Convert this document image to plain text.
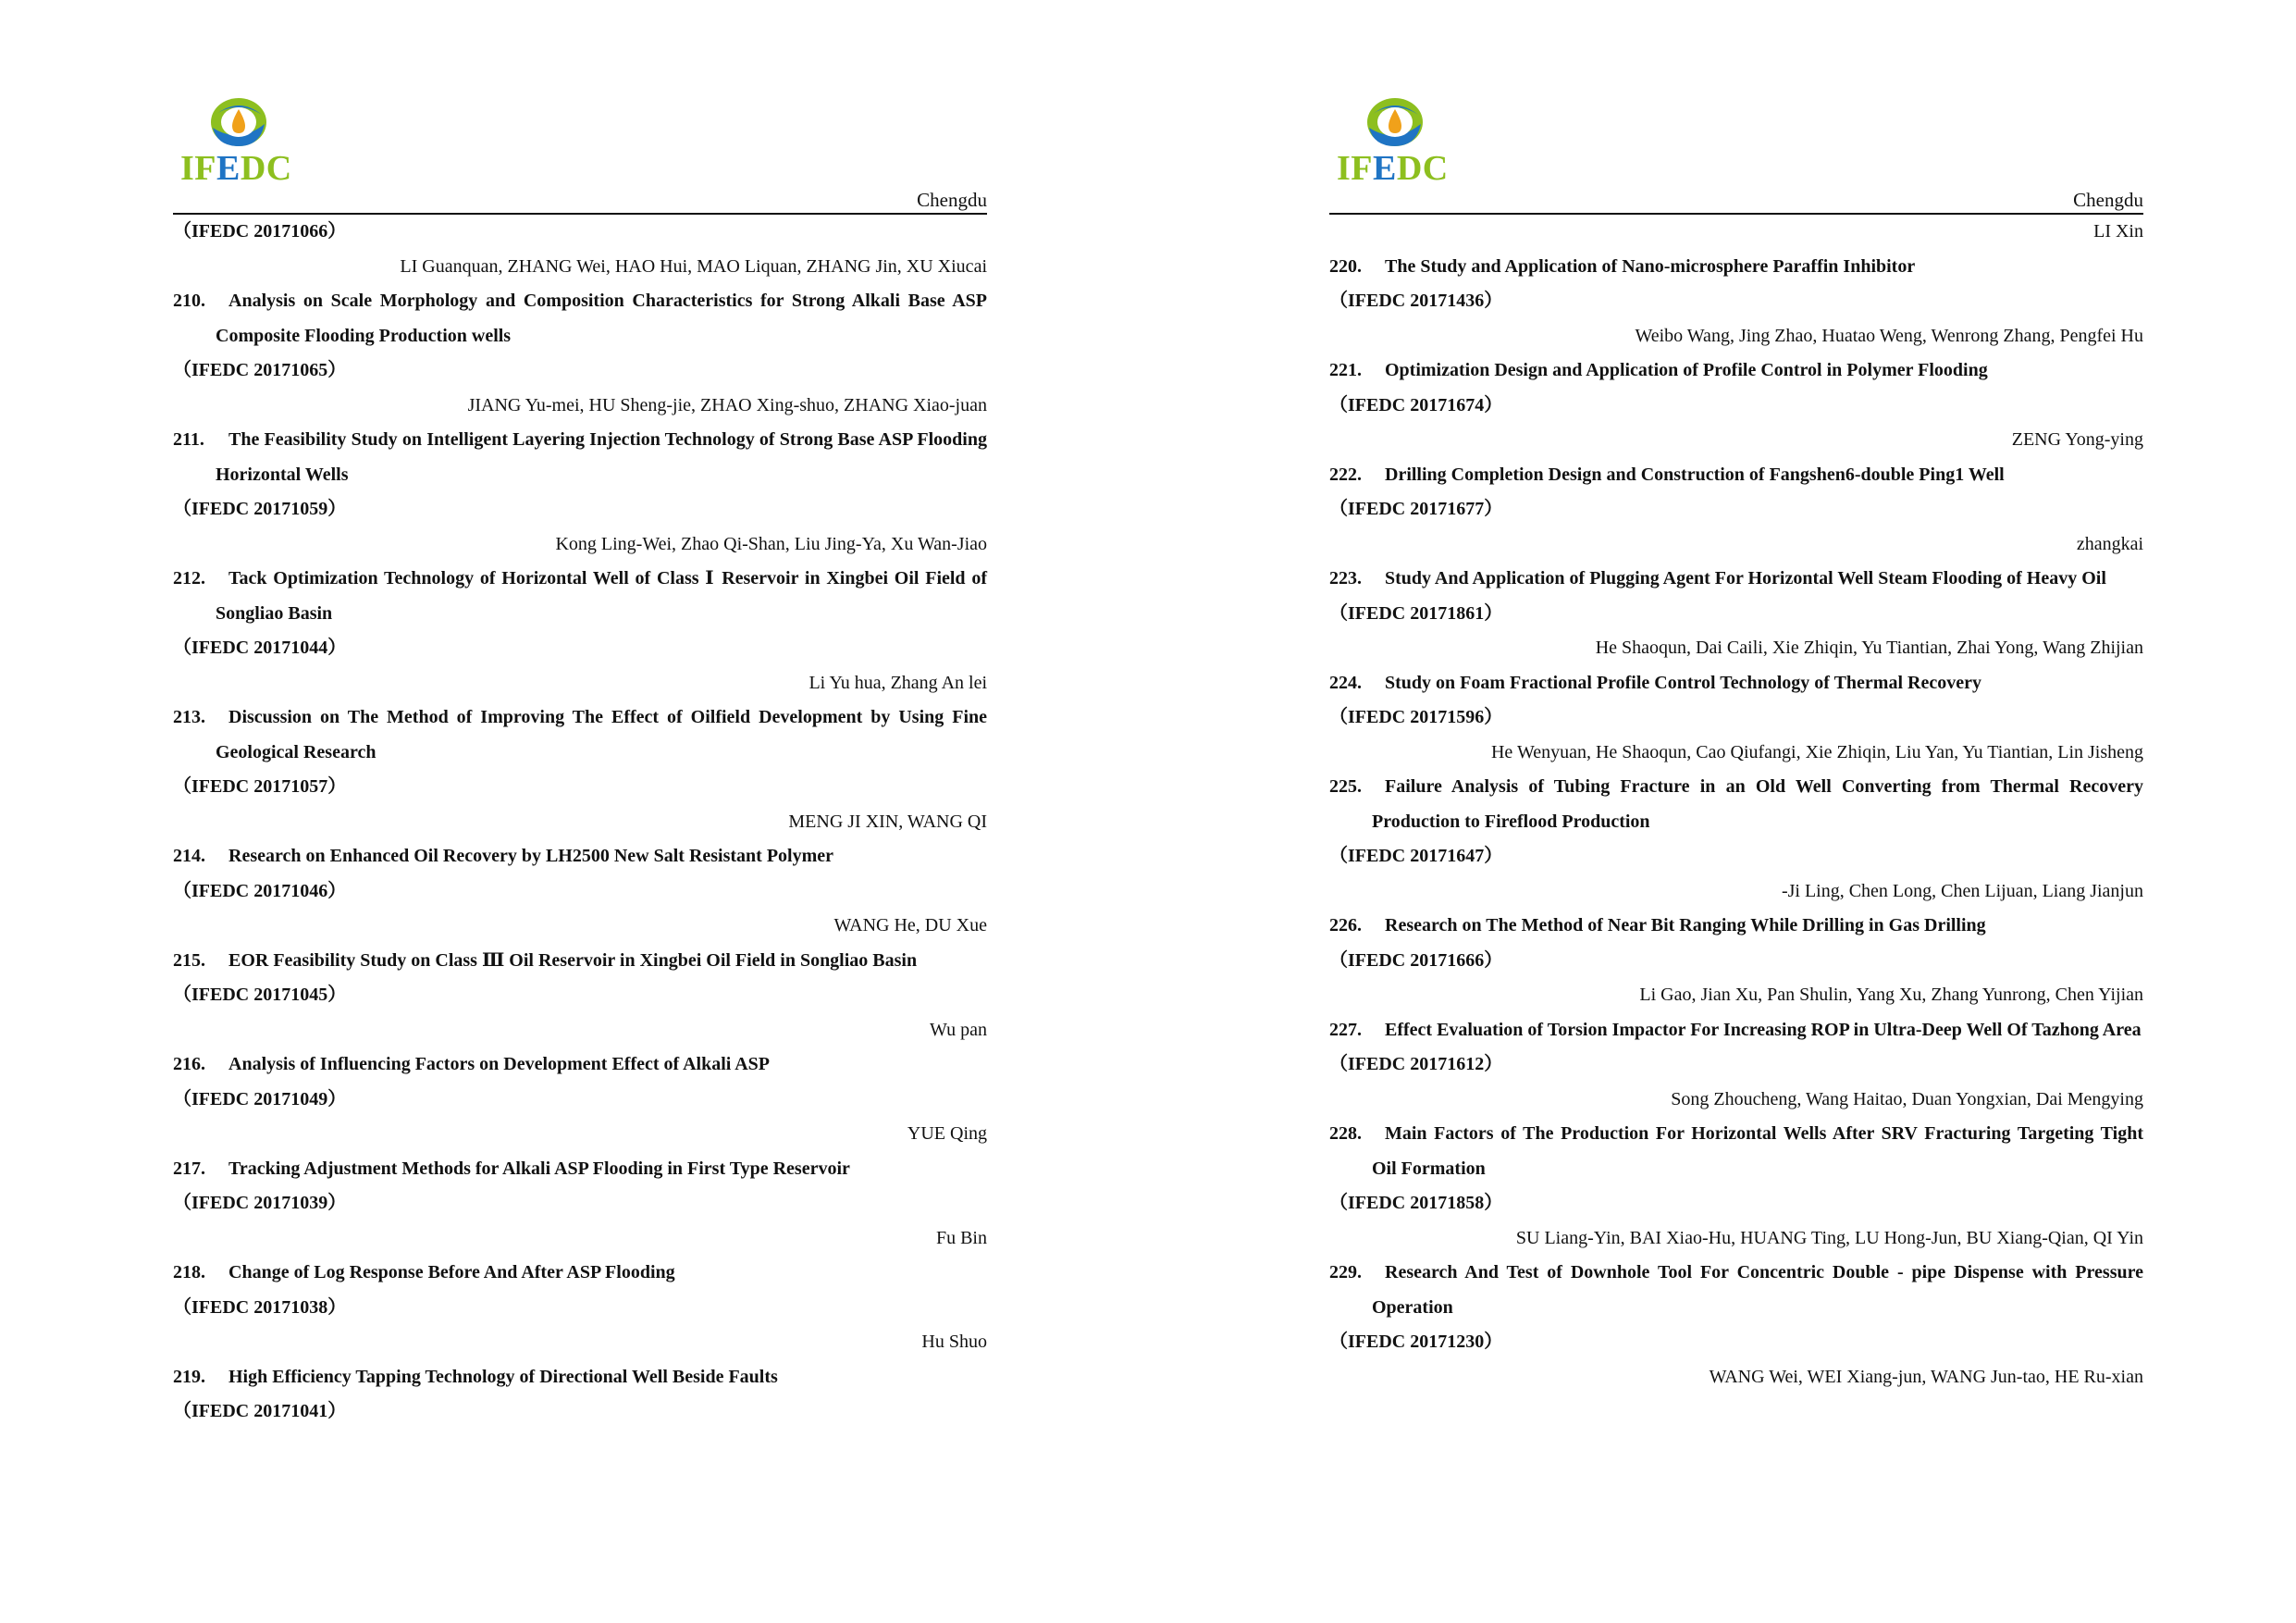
IFEDC
Chengdu
（IFEDC 20171066）
LI Guanquan, ZHANG Wei, HAO Hui, MAO Liquan, ZHANG Jin, XU Xiucai
210. Analysis on Scale Morphology and Composition Characteristics for Strong Alkali Base ASP Composite Flooding Production wells
（IFEDC 20171065）
JIANG Yu-mei, HU Sheng-jie, ZHAO Xing-shuo, ZHANG Xiao-juan
211. The Feasibility Study on Intelligent Layering Injection Technology of Strong Base ASP Flooding Horizontal Wells
（IFEDC 20171059）
Kong Ling-Wei, Zhao Qi-Shan, Liu Jing-Ya, Xu Wan-Jiao
212. Tack Optimization Technology of Horizontal Well of Class Ⅰ Reservoir in Xingbei Oil Field of Songliao Basin
（IFEDC 20171044）
Li Yu hua, Zhang An lei
213. Discussion on The Method of Improving The Effect of Oilfield Development by Using Fine Geological Research
（IFEDC 20171057）
MENG JI XIN, WANG QI
214. Research on Enhanced Oil Recovery by LH2500 New Salt Resistant Polymer
（IFEDC 20171046）
WANG He, DU Xue
215. EOR Feasibility Study on Class Ⅲ Oil Reservoir in Xingbei Oil Field in Songliao Basin
（IFEDC 20171045）
Wu pan
216. Analysis of Influencing Factors on Development Effect of Alkali ASP
（IFEDC 20171049）
YUE Qing
217. Tracking Adjustment Methods for Alkali ASP Flooding in First Type Reservoir
（IFEDC 20171039）
Fu Bin
218. Change of Log Response Before And After ASP Flooding
（IFEDC 20171038）
Hu Shuo
219. High Efficiency Tapping Technology of Directional Well Beside Faults
（IFEDC 20171041）
IFEDC
Chengdu
LI Xin
220. The Study and Application of Nano-microsphere Paraffin Inhibitor
（IFEDC 20171436）
Weibo Wang, Jing Zhao, Huatao Weng, Wenrong Zhang, Pengfei Hu
221. Optimization Design and Application of Profile Control in Polymer Flooding
（IFEDC 20171674）
ZENG Yong-ying
222. Drilling Completion Design and Construction of Fangshen6-double Ping1 Well
（IFEDC 20171677）
zhangkai
223. Study And Application of Plugging Agent For Horizontal Well Steam Flooding of Heavy Oil
（IFEDC 20171861）
He Shaoqun, Dai Caili, Xie Zhiqin, Yu Tiantian, Zhai Yong, Wang Zhijian
224. Study on Foam Fractional Profile Control Technology of Thermal Recovery
（IFEDC 20171596）
He Wenyuan, He Shaoqun, Cao Qiufangi, Xie Zhiqin, Liu Yan, Yu Tiantian, Lin Jisheng
225. Failure Analysis of Tubing Fracture in an Old Well Converting from Thermal Recovery Production to Fireflood Production
（IFEDC 20171647）
-Ji Ling, Chen Long, Chen Lijuan, Liang Jianjun
226. Research on The Method of Near Bit Ranging While Drilling in Gas Drilling
（IFEDC 20171666）
Li Gao, Jian Xu, Pan Shulin, Yang Xu, Zhang Yunrong, Chen Yijian
227. Effect Evaluation of Torsion Impactor For Increasing ROP in Ultra-Deep Well Of Tazhong Area
（IFEDC 20171612）
Song Zhoucheng, Wang Haitao, Duan Yongxian, Dai Mengying
228. Main Factors of The Production For Horizontal Wells After SRV Fracturing Targeting Tight Oil Formation
（IFEDC 20171858）
SU Liang-Yin, BAI Xiao-Hu, HUANG Ting, LU Hong-Jun, BU Xiang-Qian, QI Yin
229. Research And Test of Downhole Tool For Concentric Double - pipe Dispense with Pressure Operation
（IFEDC 20171230）
WANG Wei, WEI Xiang-jun, WANG Jun-tao, HE Ru-xian
